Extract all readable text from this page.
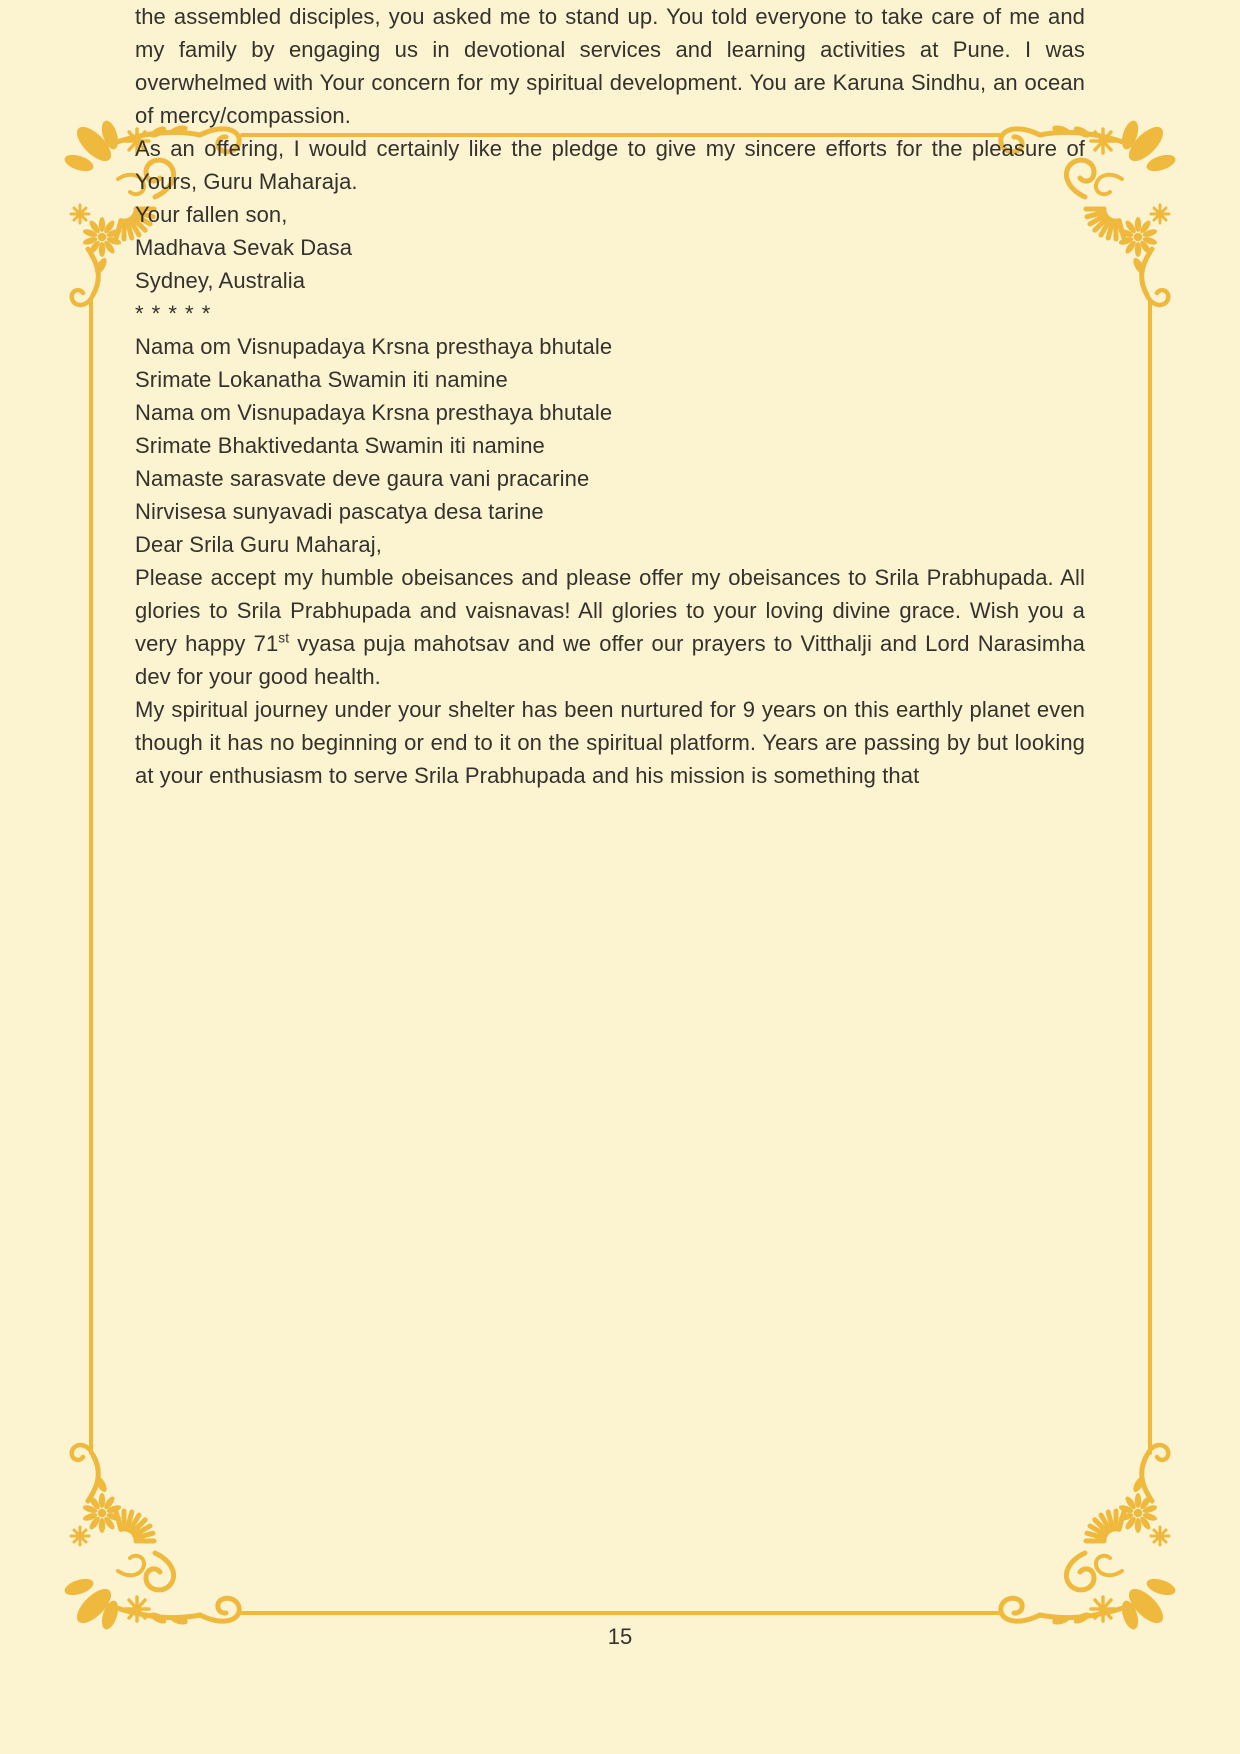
the assembled disciples, you asked me to stand up. You told everyone to take care of me and my family by engaging us in devotional services and learning activities at Pune. I was overwhelmed with Your concern for my spiritual development. You are Karuna Sindhu, an ocean of mercy/compassion.

As an offering, I would certainly like the pledge to give my sincere efforts for the pleasure of Yours, Guru Maharaja.

Your fallen son,

Madhava Sevak Dasa

Sydney, Australia

* * * * *

Nama om Visnupadaya Krsna presthaya bhutale

Srimate Lokanatha Swamin iti namine

Nama om Visnupadaya Krsna presthaya bhutale

Srimate Bhaktivedanta Swamin iti namine

Namaste sarasvate deve gaura vani pracarine

Nirvisesa sunyavadi pascatya desa tarine

Dear Srila Guru Maharaj,

Please accept my humble obeisances and please offer my obeisances to Srila Prabhupada. All glories to Srila Prabhupada and vaisnavas! All glories to your loving divine grace. Wish you a very happy 71st vyasa puja mahotsav and we offer our prayers to Vitthalji and Lord Narasimha dev for your good health.

My spiritual journey under your shelter has been nurtured for 9 years on this earthly planet even though it has no beginning or end to it on the spiritual platform. Years are passing by but looking at your enthusiasm to serve Srila Prabhupada and his mission is something that

15
